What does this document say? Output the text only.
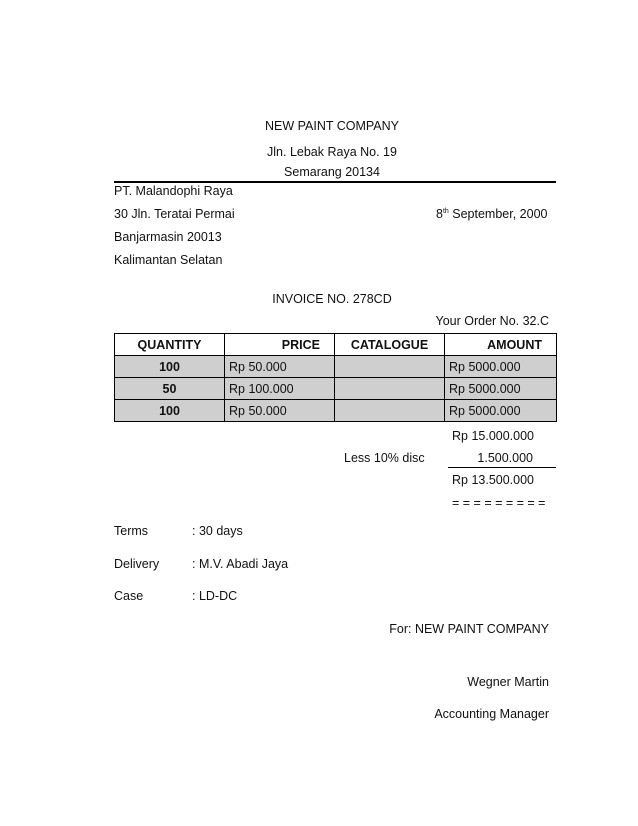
NEW PAINT COMPANY
Jln. Lebak Raya No. 19
Semarang 20134
PT. Malandophi Raya
30 Jln. Teratai Permai
Banjarmasin 20013
Kalimantan Selatan
8th September, 2000
INVOICE NO. 278CD
Your Order No. 32.C
QUANTITY	PRICE	CATALOGUE	AMOUNT
100	Rp 50.000		Rp 5000.000
50	Rp 100.000		Rp 5000.000
100	Rp 50.000		Rp 5000.000
Rp 15.000.000
Less 10% disc	1.500.000
Rp 13.500.000
= = = = = = = = =
Terms	: 30 days
Delivery	: M.V. Abadi Jaya
Case	: LD-DC
For: NEW PAINT COMPANY
Wegner Martin
Accounting Manager
